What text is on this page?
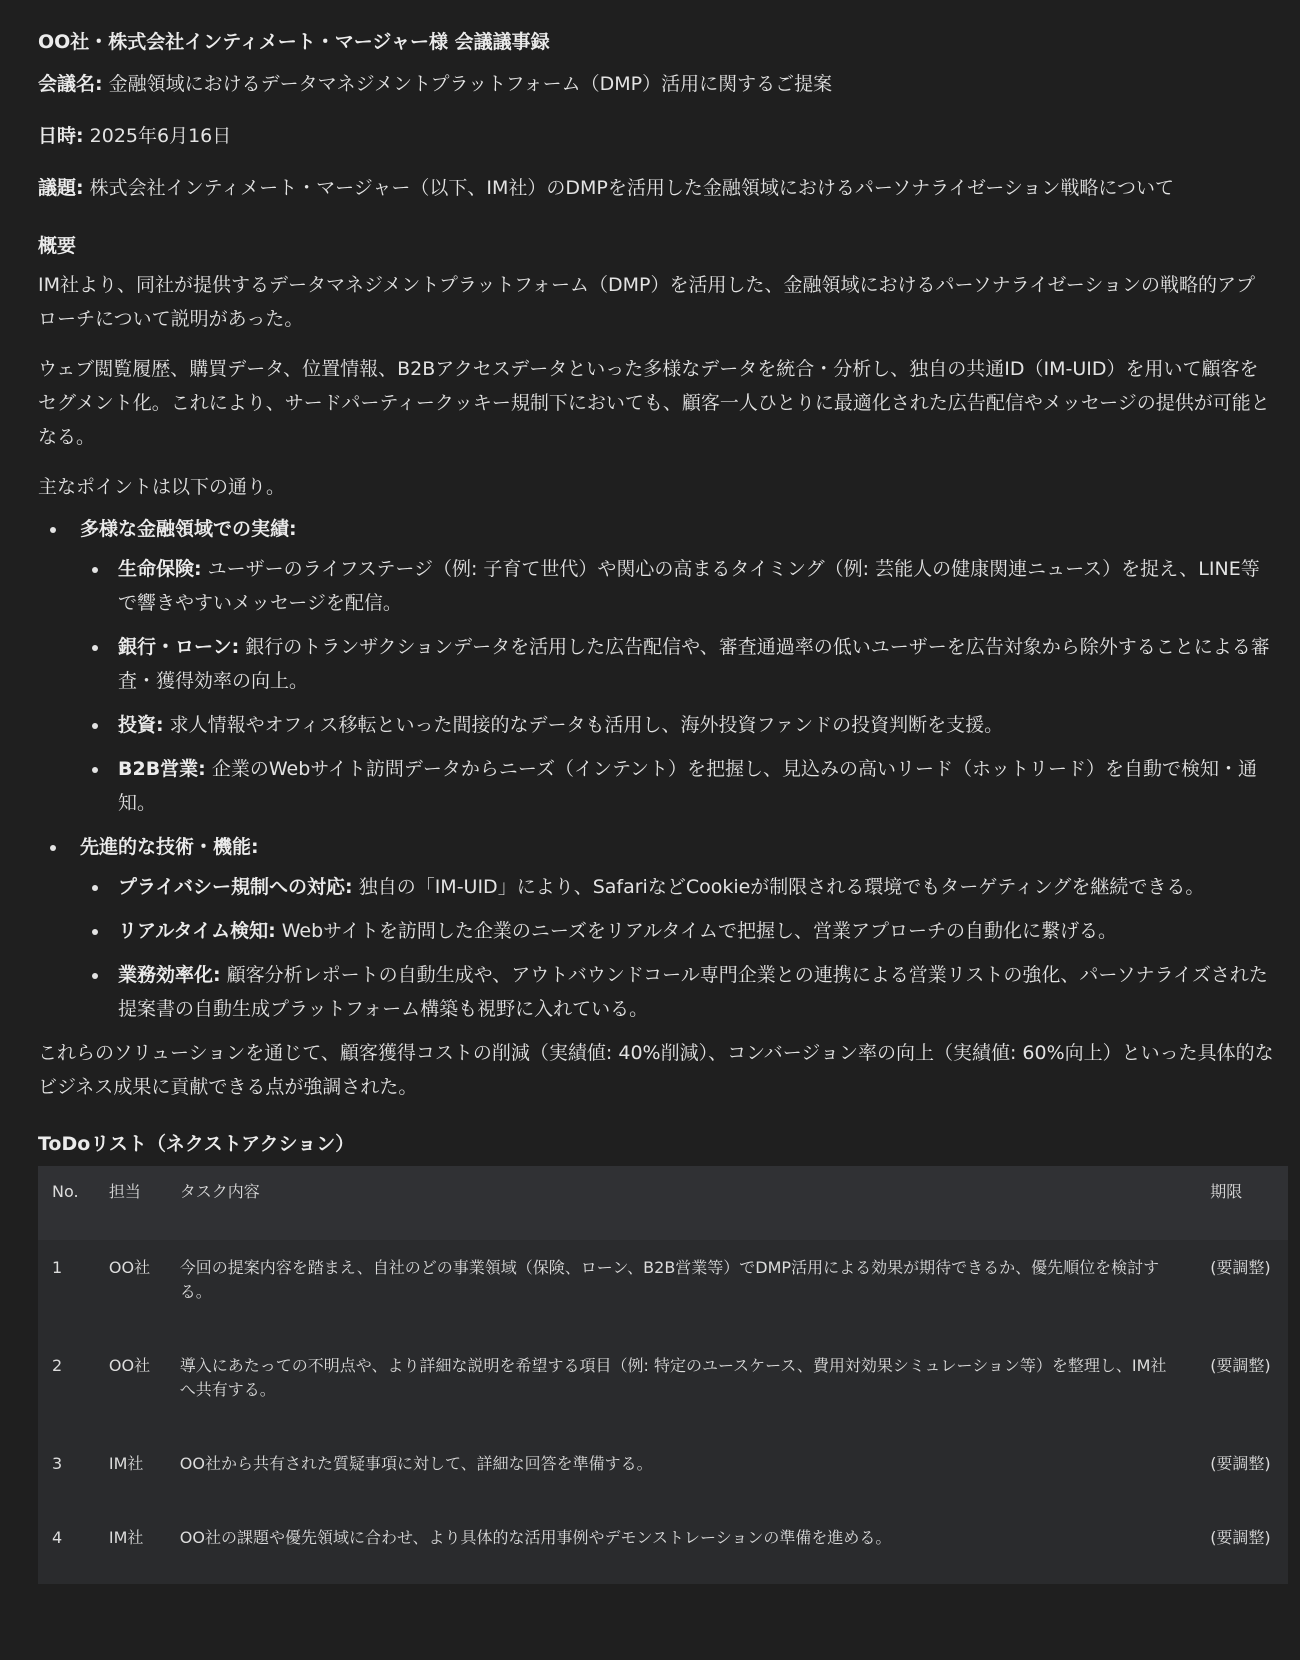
OO社・株式会社インティメート・マージャー様 会議議事録

会議名: 金融領域におけるデータマネジメントプラットフォーム（DMP）活用に関するご提案

日時: 2025年6月16日

議題: 株式会社インティメート・マージャー（以下、IM社）のDMPを活用した金融領域におけるパーソナライゼーション戦略について

概要

IM社より、同社が提供するデータマネジメントプラットフォーム（DMP）を活用した、金融領域におけるパーソナライゼーションの戦略的アプローチについて説明があった。

ウェブ閲覧履歴、購買データ、位置情報、B2Bアクセスデータといった多様なデータを統合・分析し、独自の共通ID（IM-UID）を用いて顧客をセグメント化。これにより、サードパーティークッキー規制下においても、顧客一人ひとりに最適化された広告配信やメッセージの提供が可能となる。

主なポイントは以下の通り。

多様な金融領域での実績:
生命保険: ユーザーのライフステージ（例: 子育て世代）や関心の高まるタイミング（例: 芸能人の健康関連ニュース）を捉え、LINE等で響きやすいメッセージを配信。
銀行・ローン: 銀行のトランザクションデータを活用した広告配信や、審査通過率の低いユーザーを広告対象から除外することによる審査・獲得効率の向上。
投資: 求人情報やオフィス移転といった間接的なデータも活用し、海外投資ファンドの投資判断を支援。
B2B営業: 企業のWebサイト訪問データからニーズ（インテント）を把握し、見込みの高いリード（ホットリード）を自動で検知・通知。
先進的な技術・機能:
プライバシー規制への対応: 独自の「IM-UID」により、SafariなどCookieが制限される環境でもターゲティングを継続できる。
リアルタイム検知: Webサイトを訪問した企業のニーズをリアルタイムで把握し、営業アプローチの自動化に繋げる。
業務効率化: 顧客分析レポートの自動生成や、アウトバウンドコール専門企業との連携による営業リストの強化、パーソナライズされた提案書の自動生成プラットフォーム構築も視野に入れている。

これらのソリューションを通じて、顧客獲得コストの削減（実績値: 40%削減）、コンバージョン率の向上（実績値: 60%向上）といった具体的なビジネス成果に貢献できる点が強調された。

ToDoリスト（ネクストアクション）
No.	担当	タスク内容	期限
1	OO社	今回の提案内容を踏まえ、自社のどの事業領域（保険、ローン、B2B営業等）でDMP活用による効果が期待できるか、優先順位を検討する。	(要調整)
2	OO社	導入にあたっての不明点や、より詳細な説明を希望する項目（例: 特定のユースケース、費用対効果シミュレーション等）を整理し、IM社へ共有する。	(要調整)
3	IM社	OO社から共有された質疑事項に対して、詳細な回答を準備する。	(要調整)
4	IM社	OO社の課題や優先領域に合わせ、より具体的な活用事例やデモンストレーションの準備を進める。	(要調整)
